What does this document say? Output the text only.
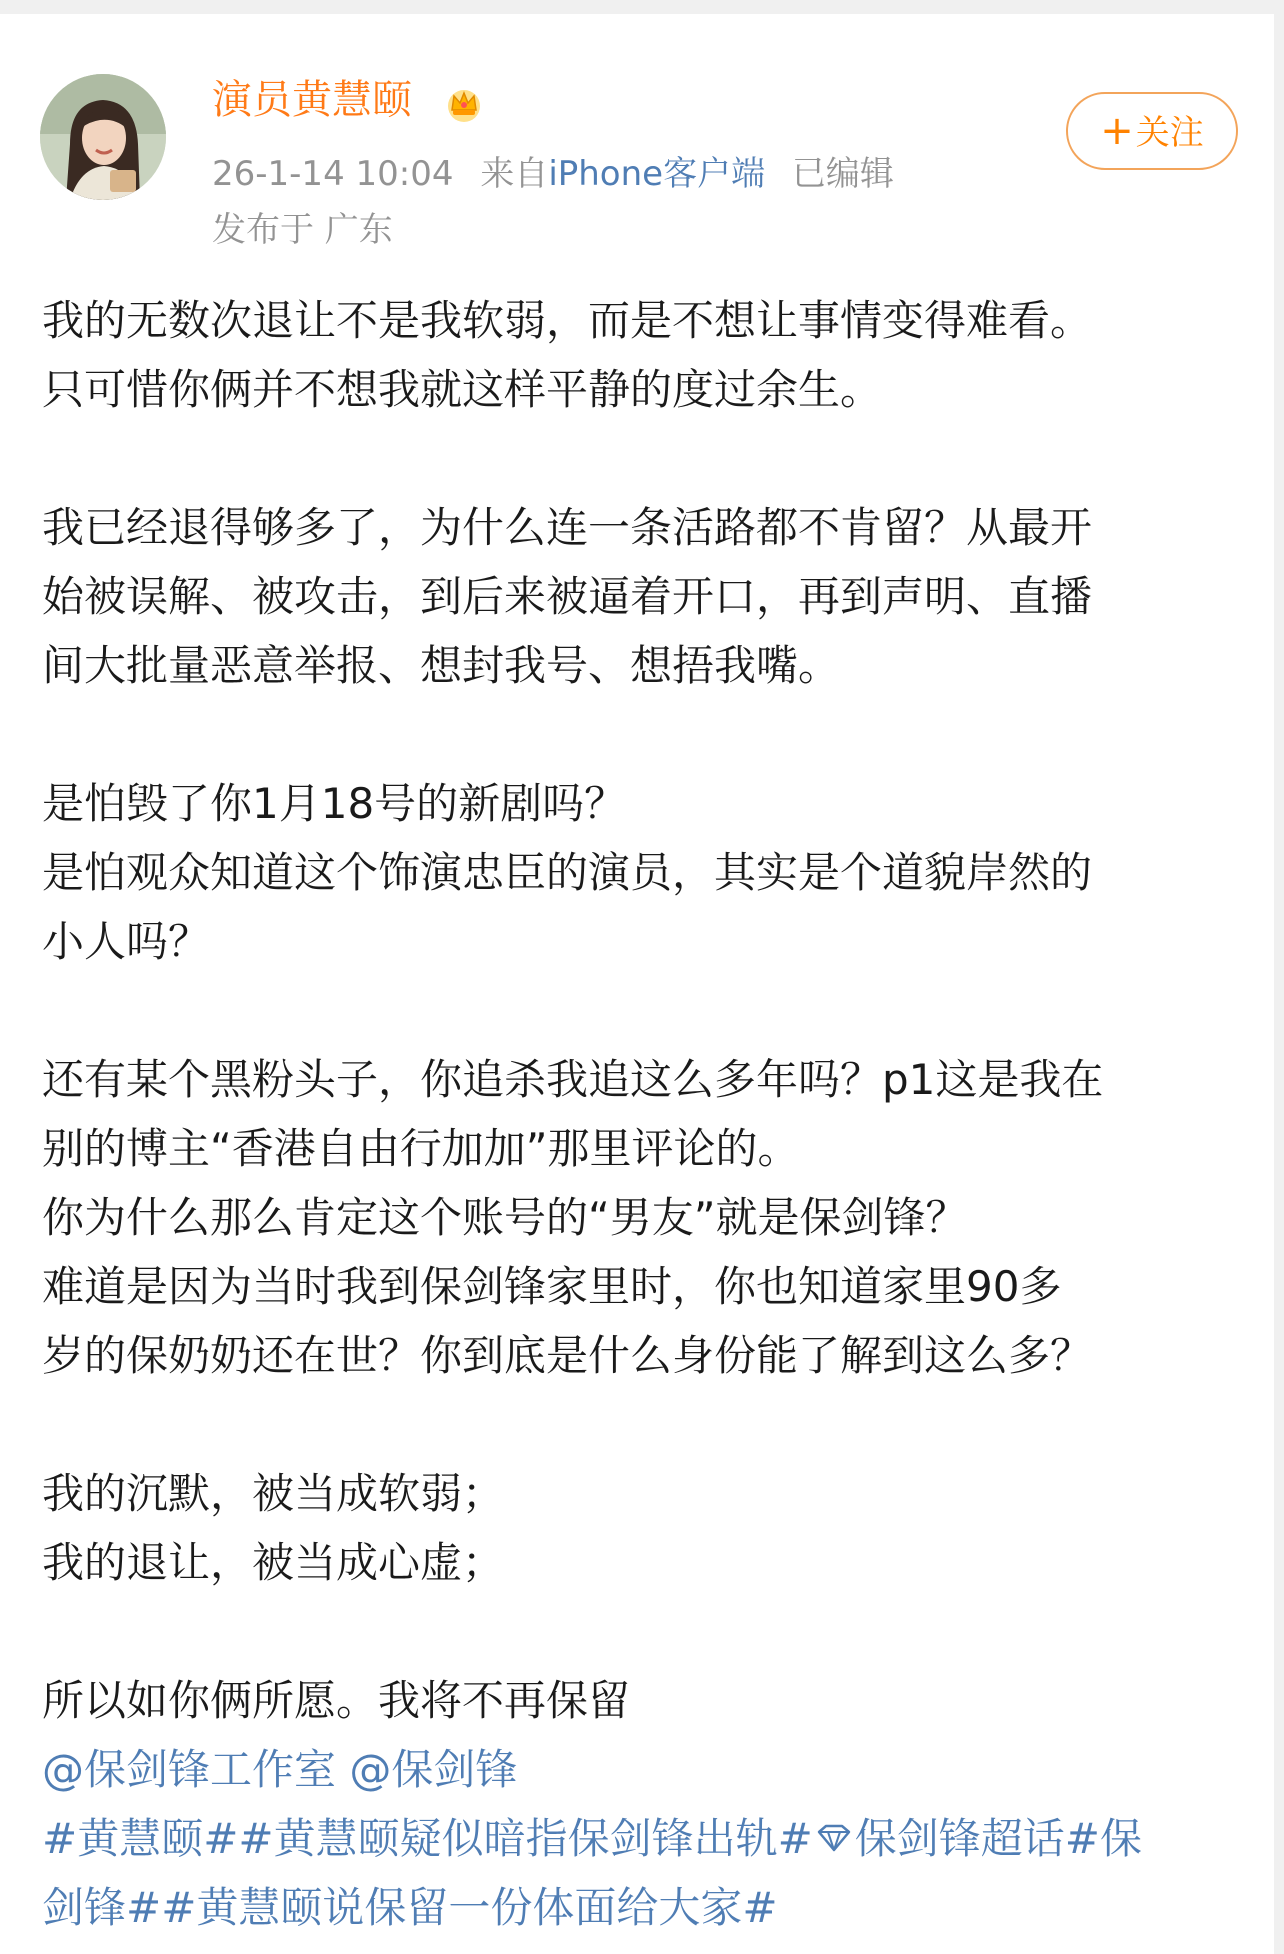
演员黄慧颐
26-1-14 10:04 来自iPhone客户端 已编辑
发布于 广东
+关注

我的无数次退让不是我软弱，而是不想让事情变得难看。

只可惜你俩并不想我就这样平静的度过余生。

我已经退得够多了，为什么连一条活路都不肯留？从最开

始被误解、被攻击，到后来被逼着开口，再到声明、直播

间大批量恶意举报、想封我号、想捂我嘴。

是怕毁了你1月18号的新剧吗？

是怕观众知道这个饰演忠臣的演员，其实是个道貌岸然的

小人吗？

还有某个黑粉头子，你追杀我追这么多年吗？p1这是我在

别的博主“香港自由行加加”那里评论的。

你为什么那么肯定这个账号的“男友”就是保剑锋？

难道是因为当时我到保剑锋家里时，你也知道家里90多

岁的保奶奶还在世？你到底是什么身份能了解到这么多？

我的沉默，被当成软弱；

我的退让，被当成心虚；

所以如你俩所愿。我将不再保留

@保剑锋工作室 @保剑锋

#黄慧颐##黄慧颐疑似暗指保剑锋出轨# 保剑锋超话#保

剑锋##黄慧颐说保留一份体面给大家#
